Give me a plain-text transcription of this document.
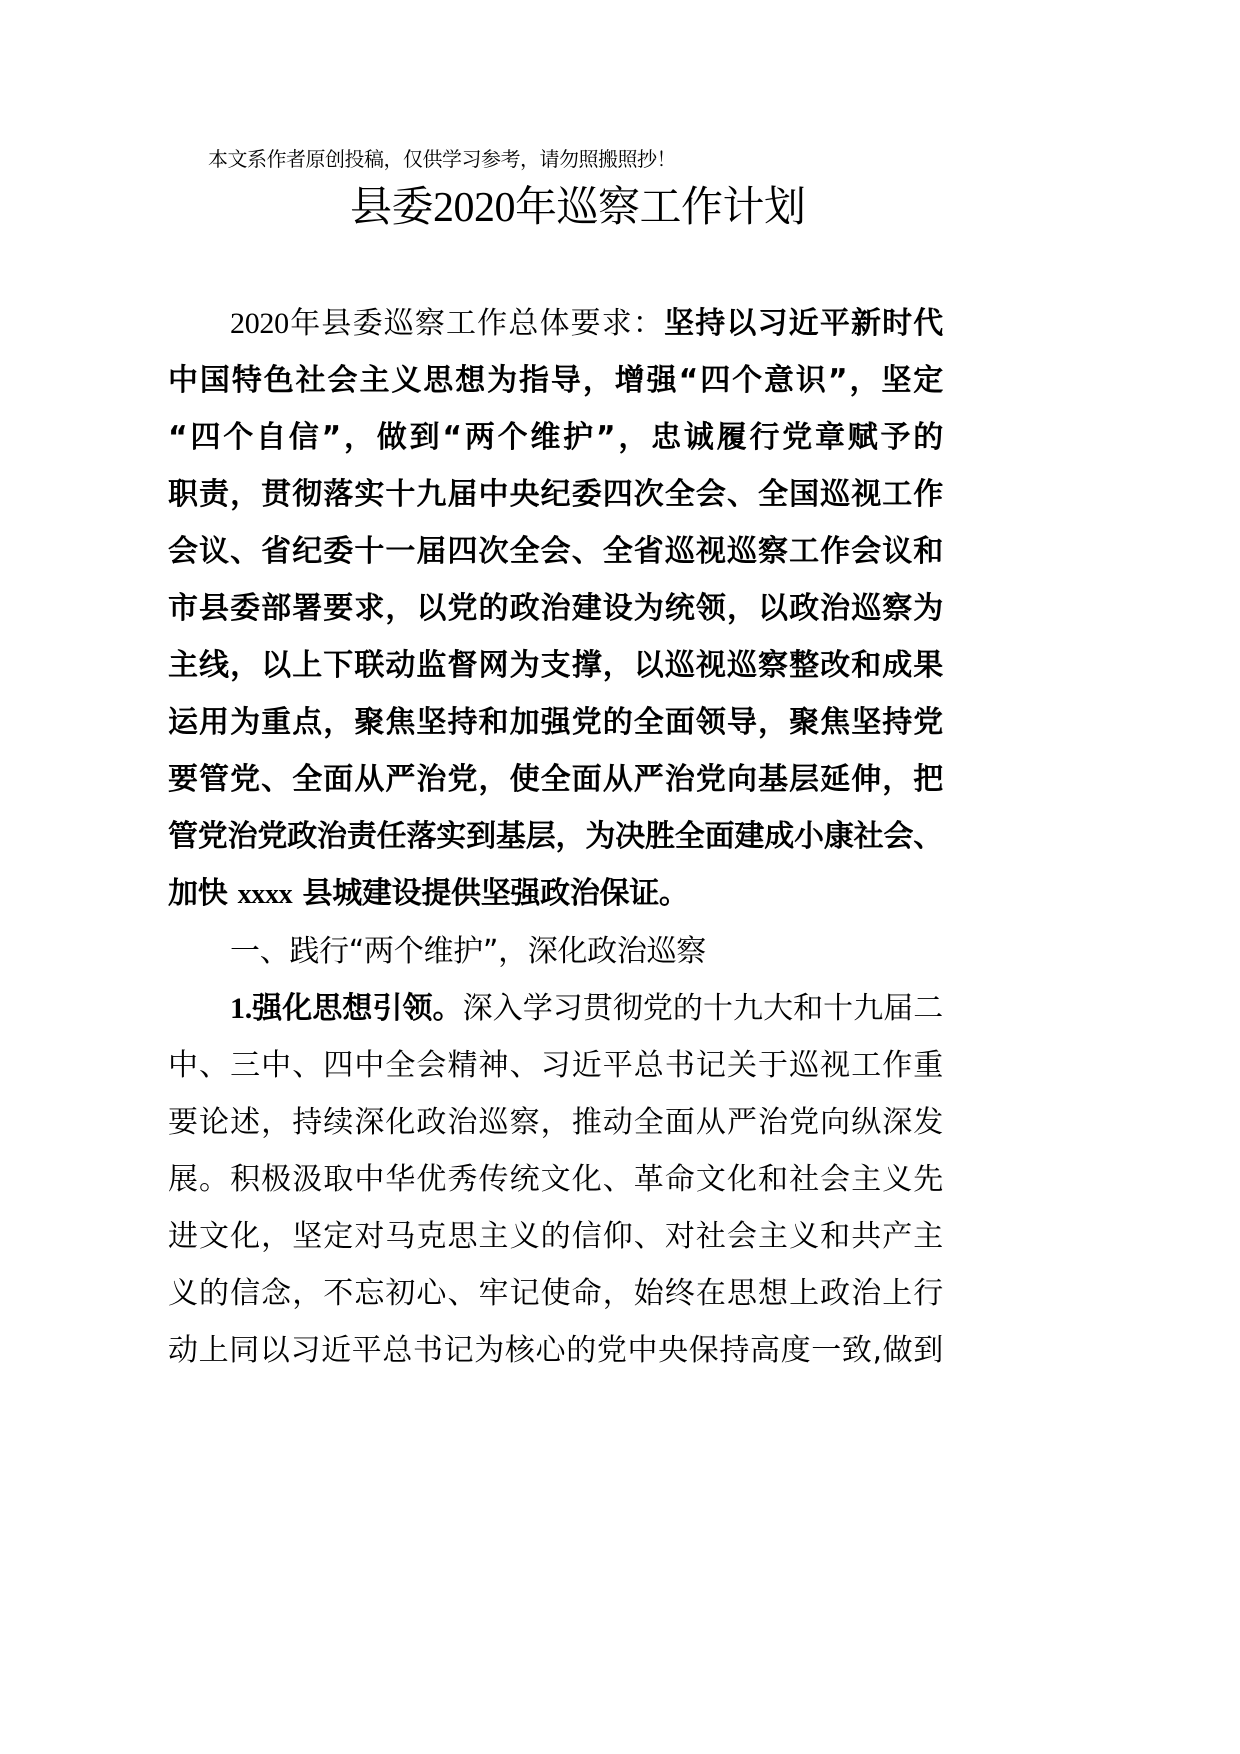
本文系作者原创投稿，仅供学习参考，请勿照搬照抄！
县委2020年巡察工作计划
2020年县委巡察工作总体要求：坚持以习近平新时代
中国特色社会主义思想为指导，增强“四个意识”，坚定
“四个自信”，做到“两个维护”，忠诚履行党章赋予的
职责，贯彻落实十九届中央纪委四次全会、全国巡视工作
会议、省纪委十一届四次全会、全省巡视巡察工作会议和
市县委部署要求，以党的政治建设为统领，以政治巡察为
主线，以上下联动监督网为支撑，以巡视巡察整改和成果
运用为重点，聚焦坚持和加强党的全面领导，聚焦坚持党
要管党、全面从严治党，使全面从严治党向基层延伸，把
管党治党政治责任落实到基层，为决胜全面建成小康社会、
加快 xxxx 县城建设提供坚强政治保证。
一、践行“两个维护”，深化政治巡察
1.强化思想引领。深入学习贯彻党的十九大和十九届二
中、三中、四中全会精神、习近平总书记关于巡视工作重
要论述，持续深化政治巡察，推动全面从严治党向纵深发
展。积极汲取中华优秀传统文化、革命文化和社会主义先
进文化，坚定对马克思主义的信仰、对社会主义和共产主
义的信念，不忘初心、牢记使命，始终在思想上政治上行
动上同以习近平总书记为核心的党中央保持高度一致,做到
